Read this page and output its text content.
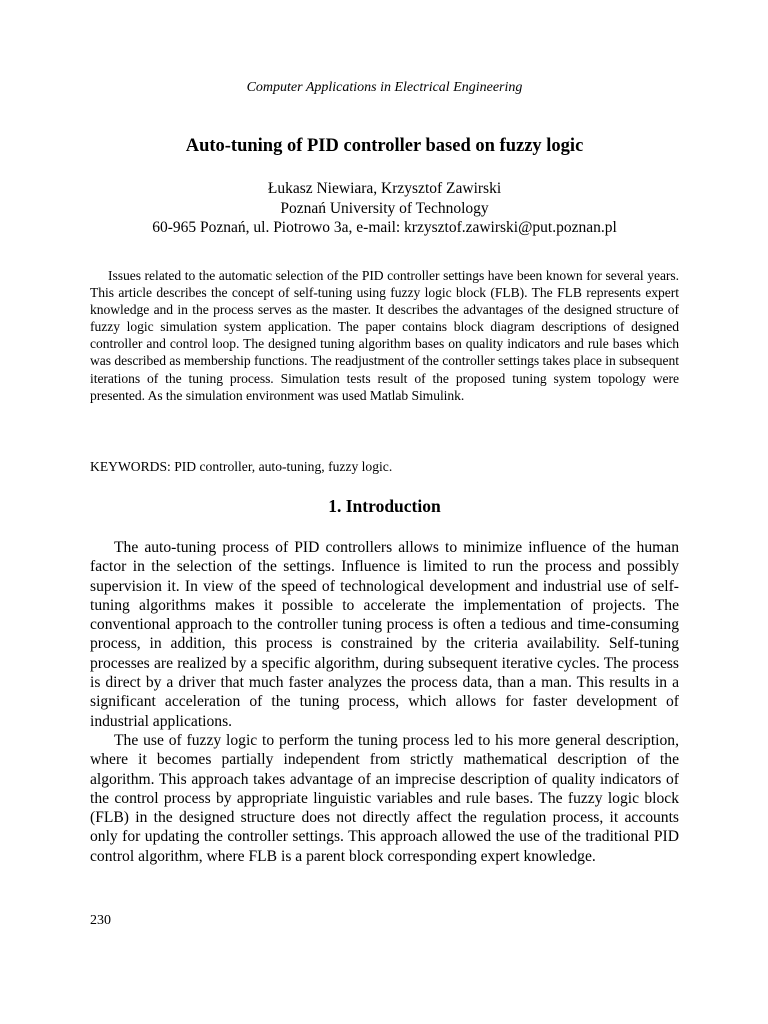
Computer Applications in Electrical Engineering
Auto-tuning of PID controller based on fuzzy logic
Łukasz Niewiara, Krzysztof Zawirski
Poznań University of Technology
60-965 Poznań, ul. Piotrowo 3a, e-mail: krzysztof.zawirski@put.poznan.pl

Issues related to the automatic selection of the PID controller settings have been known for several years. This article describes the concept of self-tuning using fuzzy logic block (FLB). The FLB represents expert knowledge and in the process serves as the master. It describes the advantages of the designed structure of fuzzy logic simulation system application. The paper contains block diagram descriptions of designed controller and control loop. The designed tuning algorithm bases on quality indicators and rule bases which was described as membership functions. The readjustment of the controller settings takes place in subsequent iterations of the tuning process. Simulation tests result of the proposed tuning system topology were presented. As the simulation environment was used Matlab Simulink.

KEYWORDS: PID controller, auto-tuning, fuzzy logic.

1. Introduction

The auto-tuning process of PID controllers allows to minimize influence of the human factor in the selection of the settings. Influence is limited to run the process and possibly supervision it. In view of the speed of technological development and industrial use of self-tuning algorithms makes it possible to accelerate the implementation of projects. The conventional approach to the controller tuning process is often a tedious and time-consuming process, in addition, this process is constrained by the criteria availability. Self-tuning processes are realized by a specific algorithm, during subsequent iterative cycles. The process is direct by a driver that much faster analyzes the process data, than a man. This results in a significant acceleration of the tuning process, which allows for faster development of industrial applications.

The use of fuzzy logic to perform the tuning process led to his more general description, where it becomes partially independent from strictly mathematical description of the algorithm. This approach takes advantage of an imprecise description of quality indicators of the control process by appropriate linguistic variables and rule bases. The fuzzy logic block (FLB) in the designed structure does not directly affect the regulation process, it accounts only for updating the controller settings. This approach allowed the use of the traditional PID control algorithm, where FLB is a parent block corresponding expert knowledge.

230
